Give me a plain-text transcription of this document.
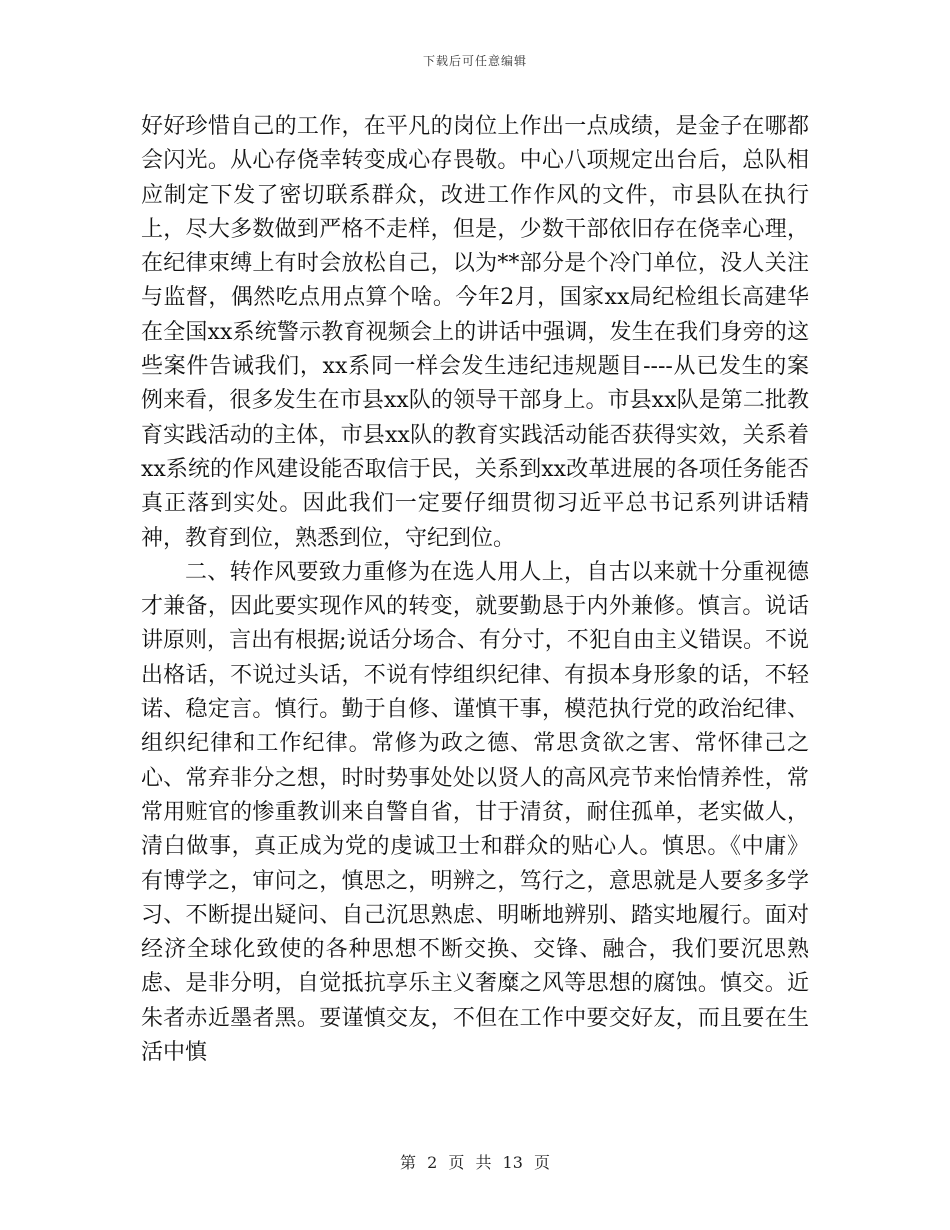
下载后可任意编辑

好好珍惜自己的工作，在平凡的岗位上作出一点成绩，是金子在哪都会闪光。从心存侥幸转变成心存畏敬。中心八项规定出台后，总队相应制定下发了密切联系群众，改进工作作风的文件，市县队在执行上，尽大多数做到严格不走样，但是，少数干部依旧存在侥幸心理，在纪律束缚上有时会放松自己，以为**部分是个冷门单位，没人关注与监督，偶然吃点用点算个啥。今年2月，国家xx局纪检组长高建华在全国xx系统警示教育视频会上的讲话中强调，发生在我们身旁的这些案件告诫我们，xx系同一样会发生违纪违规题目----从已发生的案例来看，很多发生在市县xx队的领导干部身上。市县xx队是第二批教育实践活动的主体，市县xx队的教育实践活动能否获得实效，关系着xx系统的作风建设能否取信于民，关系到xx改革进展的各项任务能否真正落到实处。因此我们一定要仔细贯彻习近平总书记系列讲话精神，教育到位，熟悉到位，守纪到位。

二、转作风要致力重修为在选人用人上，自古以来就十分重视德才兼备，因此要实现作风的转变，就要勤恳于内外兼修。慎言。说话讲原则，言出有根据;说话分场合、有分寸，不犯自由主义错误。不说出格话，不说过头话，不说有悖组织纪律、有损本身形象的话，不轻诺、稳定言。慎行。勤于自修、谨慎干事，模范执行党的政治纪律、组织纪律和工作纪律。常修为政之德、常思贪欲之害、常怀律己之心、常弃非分之想，时时势事处处以贤人的高风亮节来怡情养性，常常用赃官的惨重教训来自警自省，甘于清贫，耐住孤单，老实做人，清白做事，真正成为党的虔诚卫士和群众的贴心人。慎思。《中庸》有博学之，审问之，慎思之，明辨之，笃行之，意思就是人要多多学习、不断提出疑问、自己沉思熟虑、明晰地辨别、踏实地履行。面对经济全球化致使的各种思想不断交换、交锋、融合，我们要沉思熟虑、是非分明，自觉抵抗享乐主义奢糜之风等思想的腐蚀。慎交。近朱者赤近墨者黑。要谨慎交友，不但在工作中要交好友，而且要在生活中慎

第 2 页 共 13 页
